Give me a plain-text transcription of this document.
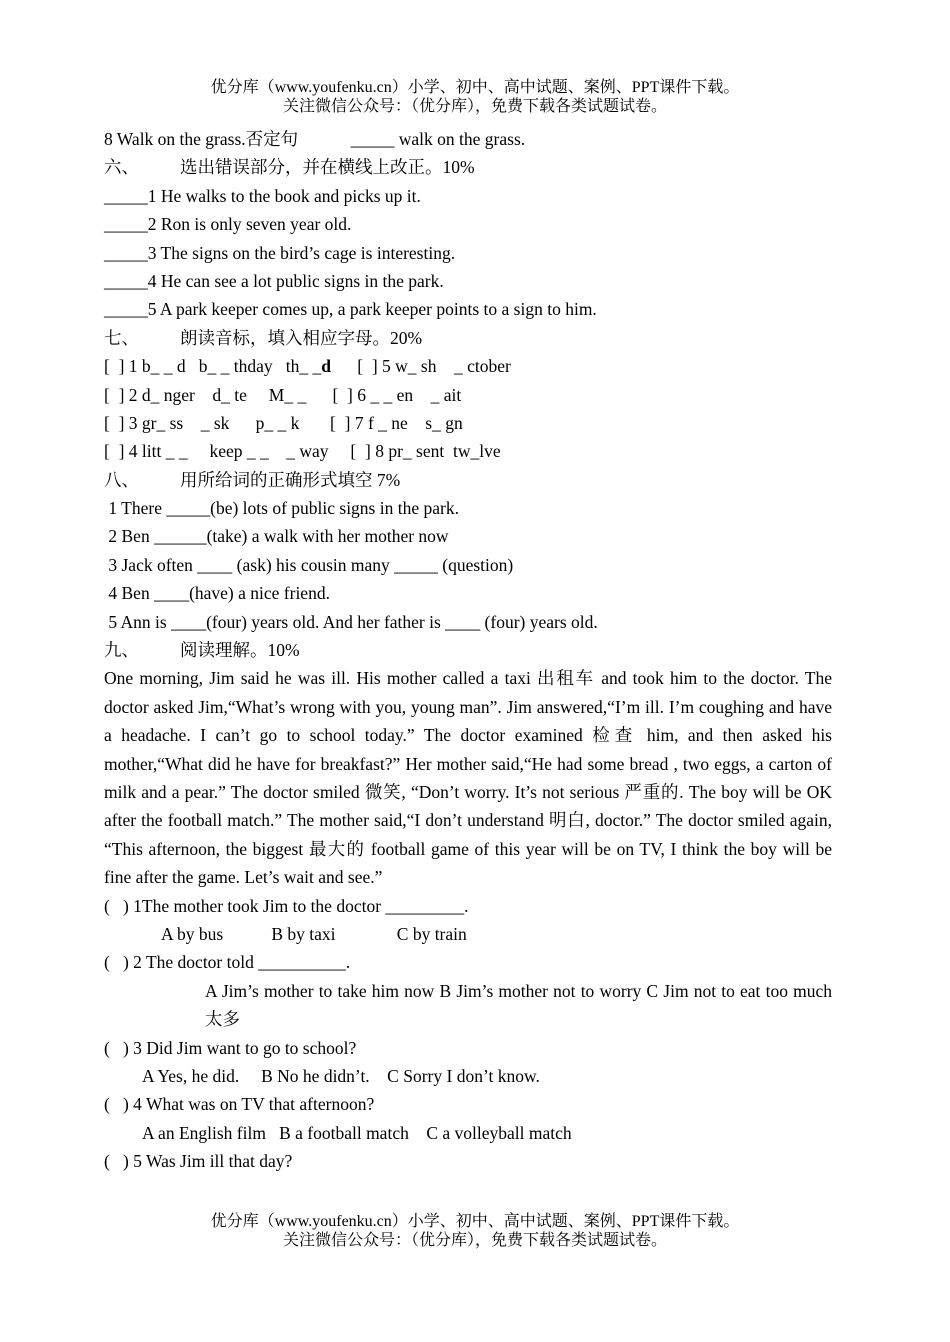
优分库（www.youfenku.cn）小学、初中、高中试题、案例、PPT课件下载。
关注微信公众号：（优分库），免费下载各类试题试卷。
8 Walk on the grass.否定句            _____ walk on the grass.
六、 选出错误部分，并在横线上改正。10%
_____1 He walks to the book and picks up it.
_____2 Ron is only seven year old.
_____3 The signs on the bird’s cage is interesting.
_____4 He can see a lot public signs in the park.
_____5 A park keeper comes up, a park keeper points to a sign to him.
七、 朗读音标，填入相应字母。20%
[  ] 1 b_ _ d   b_ _ thday   th_ _d      [  ] 5 w_ sh    _ ctober
[  ] 2 d_ nger    d_ te     M_ _      [  ] 6 _ _ en    _ ait
[  ] 3 gr_ ss    _ sk      p_ _ k       [  ] 7 f _ ne    s_ gn
[  ] 4 litt _ _     keep _ _    _ way     [  ] 8 pr_ sent  tw_lve
八、 用所给词的正确形式填空 7%
1 There _____(be) lots of public signs in the park.
2 Ben ______(take) a walk with her mother now
3 Jack often ____ (ask) his cousin many _____ (question)
4 Ben ____(have) a nice friend.
5 Ann is ____(four) years old. And her father is ____ (four) years old.
九、 阅读理解。10%
One morning, Jim said he was ill. His mother called a taxi 出租车 and took him to the doctor. The doctor asked Jim,“What’s wrong with you, young man”. Jim answered,“I’m ill. I’m coughing and have a headache. I can’t go to school today.” The doctor examined 检查 him, and then asked his mother,“What did he have for breakfast?” Her mother said,“He had some bread , two eggs, a carton of milk and a pear.” The doctor smiled 微笑, “Don’t worry. It’s not serious 严重的. The boy will be OK after the football match.” The mother said,“I don’t understand 明白, doctor.” The doctor smiled again, “This afternoon, the biggest 最大的 football game of this year will be on TV, I think the boy will be fine after the game. Let’s wait and see.”
(   ) 1The mother took Jim to the doctor _________.
A by bus           B by taxi              C by train
(   ) 2 The doctor told __________.
A Jim’s mother to take him now B Jim’s mother not to worry C Jim not to eat too much 太多
(   ) 3 Did Jim want to go to school?
A Yes, he did.     B No he didn’t.    C Sorry I don’t know.
(   ) 4 What was on TV that afternoon?
A an English film   B a football match    C a volleyball match
(   ) 5 Was Jim ill that day?
优分库（www.youfenku.cn）小学、初中、高中试题、案例、PPT课件下载。
关注微信公众号：（优分库），免费下载各类试题试卷。
